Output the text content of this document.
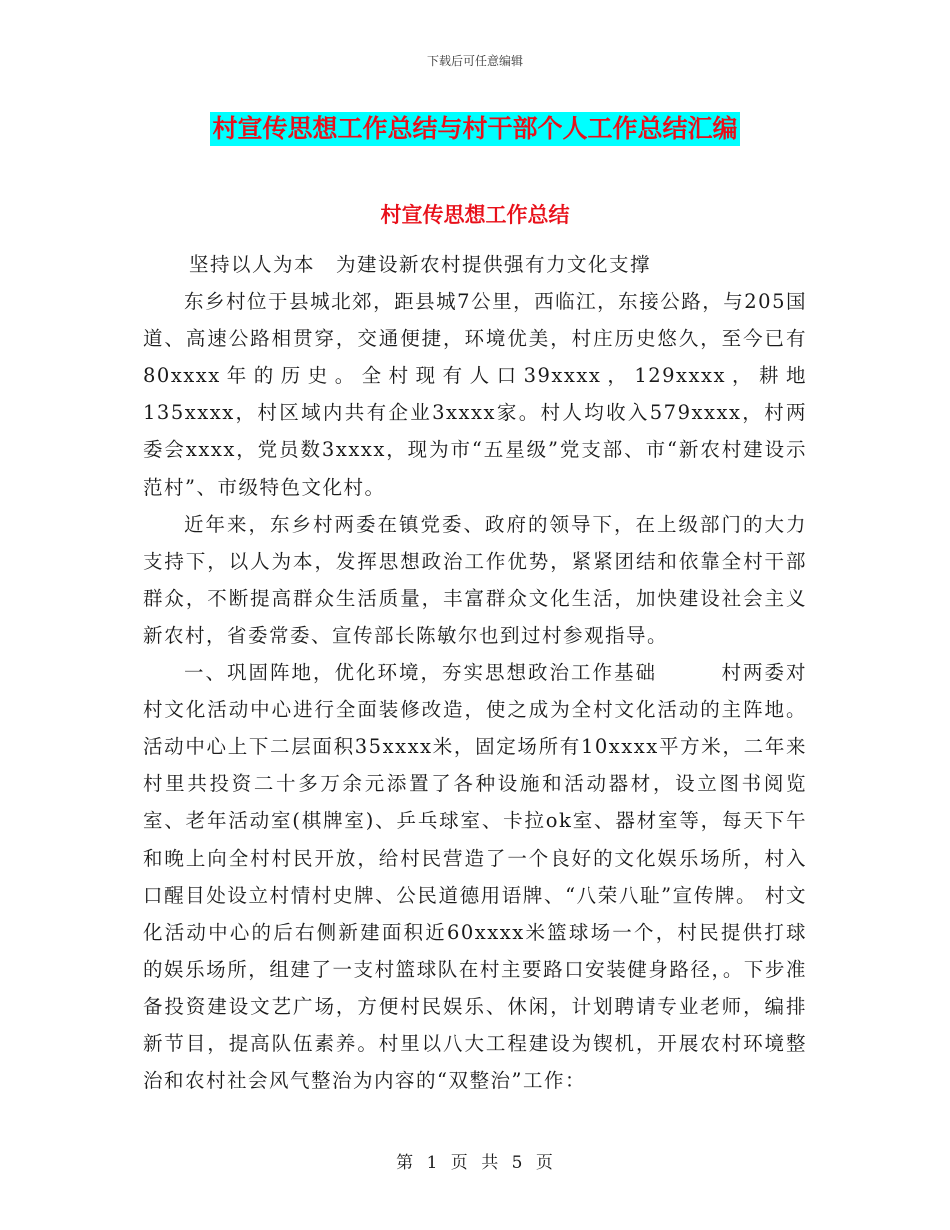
下载后可任意编辑
村宣传思想工作总结与村干部个人工作总结汇编
村宣传思想工作总结

坚持以人为本　为建设新农村提供强有力文化支撑

东乡村位于县城北郊，距县城7公里，西临江，东接公路，与205国道、高速公路相贯穿，交通便捷，环境优美，村庄历史悠久，至今已有80xxxx年的历史。全村现有人口39xxxx，129xxxx，耕地135xxxx，村区域内共有企业3xxxx家。村人均收入579xxxx，村两委会xxxx，党员数3xxxx，现为市“五星级”党支部、市“新农村建设示范村”、市级特色文化村。

近年来，东乡村两委在镇党委、政府的领导下，在上级部门的大力支持下，以人为本，发挥思想政治工作优势，紧紧团结和依靠全村干部群众，不断提高群众生活质量，丰富群众文化生活，加快建设社会主义新农村，省委常委、宣传部长陈敏尔也到过村参观指导。

一、巩固阵地，优化环境，夯实思想政治工作基础　　　村两委对村文化活动中心进行全面装修改造，使之成为全村文化活动的主阵地。活动中心上下二层面积35xxxx米，固定场所有10xxxx平方米，二年来村里共投资二十多万余元添置了各种设施和活动器材，设立图书阅览室、老年活动室(棋牌室)、乒乓球室、卡拉ok室、器材室等，每天下午和晚上向全村村民开放，给村民营造了一个良好的文化娱乐场所，村入口醒目处设立村情村史牌、公民道德用语牌、“八荣八耻”宣传牌。 村文化活动中心的后右侧新建面积近60xxxx米篮球场一个，村民提供打球的娱乐场所，组建了一支村篮球队在村主要路口安装健身路径，。下步准备投资建设文艺广场，方便村民娱乐、休闲，计划聘请专业老师，编排新节目，提高队伍素养。村里以八大工程建设为锲机，开展农村环境整治和农村社会风气整治为内容的“双整治”工作：

第 1 页 共 5 页
